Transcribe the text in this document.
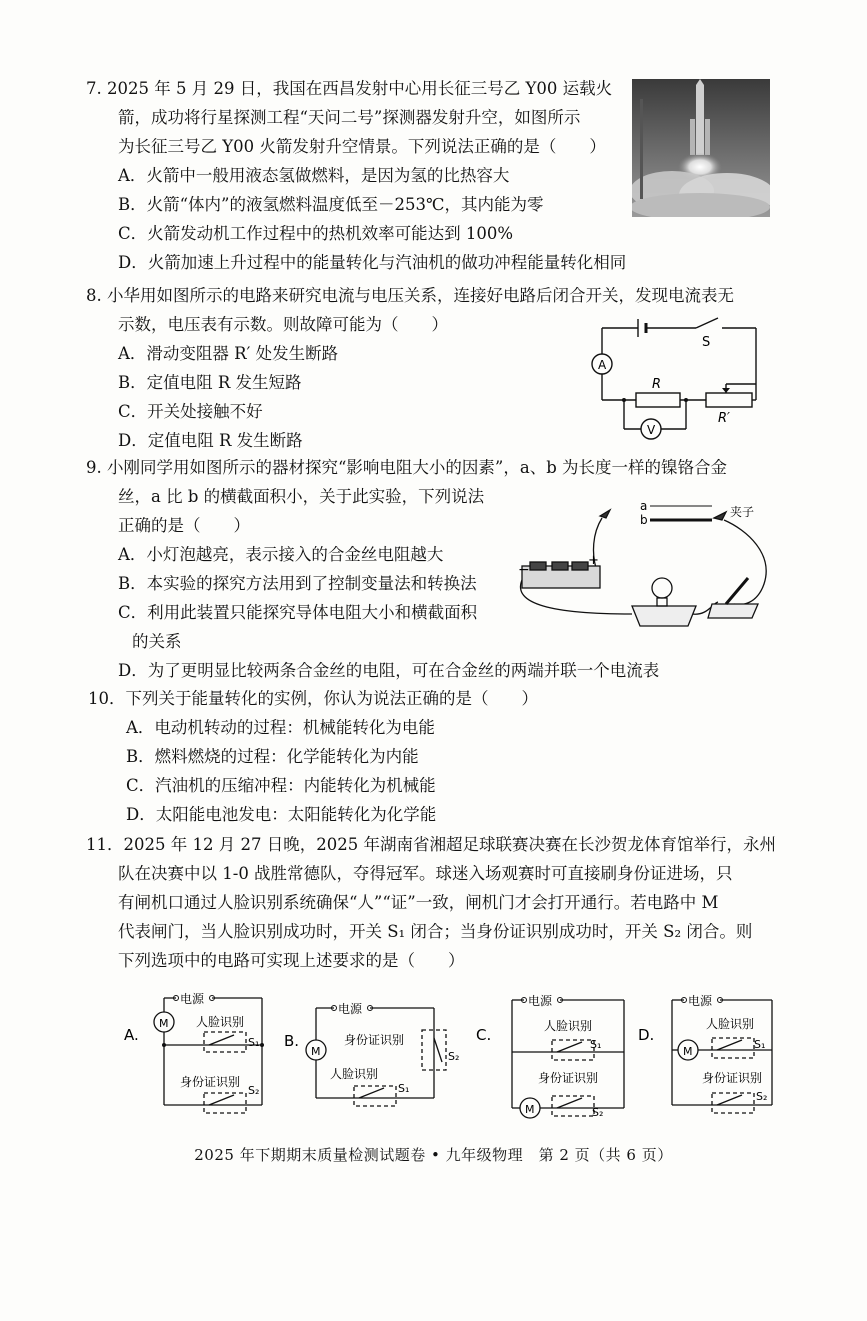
7. 2025 年 5 月 29 日，我国在西昌发射中心用长征三号乙 Y00 运载火
箭，成功将行星探测工程“天问二号”探测器发射升空，如图所示
为长征三号乙 Y00 火箭发射升空情景。下列说法正确的是（　　）
A．火箭中一般用液态氢做燃料，是因为氢的比热容大
B．火箭“体内”的液氢燃料温度低至－253℃，其内能为零
C．火箭发动机工作过程中的热机效率可能达到 100%
D．火箭加速上升过程中的能量转化与汽油机的做功冲程能量转化相同
8. 小华用如图所示的电路来研究电流与电压关系，连接好电路后闭合开关，发现电流表无
示数，电压表有示数。则故障可能为（　　）
A．滑动变阻器 R′ 处发生断路
B．定值电阻 R 发生短路
C．开关处接触不好
D．定值电阻 R 发生断路
A
V
S
R
R′
9. 小刚同学用如图所示的器材探究“影响电阻大小的因素”，a、b 为长度一样的镍铬合金
丝，a 比 b 的横截面积小，关于此实验，下列说法
正确的是（　　）
A．小灯泡越亮，表示接入的合金丝电阻越大
B．本实验的探究方法用到了控制变量法和转换法
C．利用此装置只能探究导体电阻大小和横截面积
的关系
D．为了更明显比较两条合金丝的电阻，可在合金丝的两端并联一个电流表
a
b
夹子
−
+
10．下列关于能量转化的实例，你认为说法正确的是（　　）
A．电动机转动的过程：机械能转化为电能
B．燃料燃烧的过程：化学能转化为内能
C．汽油机的压缩冲程：内能转化为机械能
D．太阳能电池发电：太阳能转化为化学能
11．2025 年 12 月 27 日晚，2025 年湖南省湘超足球联赛决赛在长沙贺龙体育馆举行，永州
队在决赛中以 1-0 战胜常德队，夺得冠军。球迷入场观赛时可直接刷身份证进场，只
有闸机口通过人脸识别系统确保“人”“证”一致，闸机门才会打开通行。若电路中 M
代表闸门，当人脸识别成功时，开关 S₁ 闭合；当身份证识别成功时，开关 S₂ 闭合。则
下列选项中的电路可实现上述要求的是（　　）
A.
电源
M 人脸识别
S₁
身份证识别
S₂
B.
电源
M
身份证识别
S₂
人脸识别
S₁
C.
电源
人脸识别
S₁
身份证识别
M	S₂
D.
电源
人脸识别
M
S₁
身份证识别
S₂
2025 年下期期末质量检测试题卷 • 九年级物理　第 2 页（共 6 页）
